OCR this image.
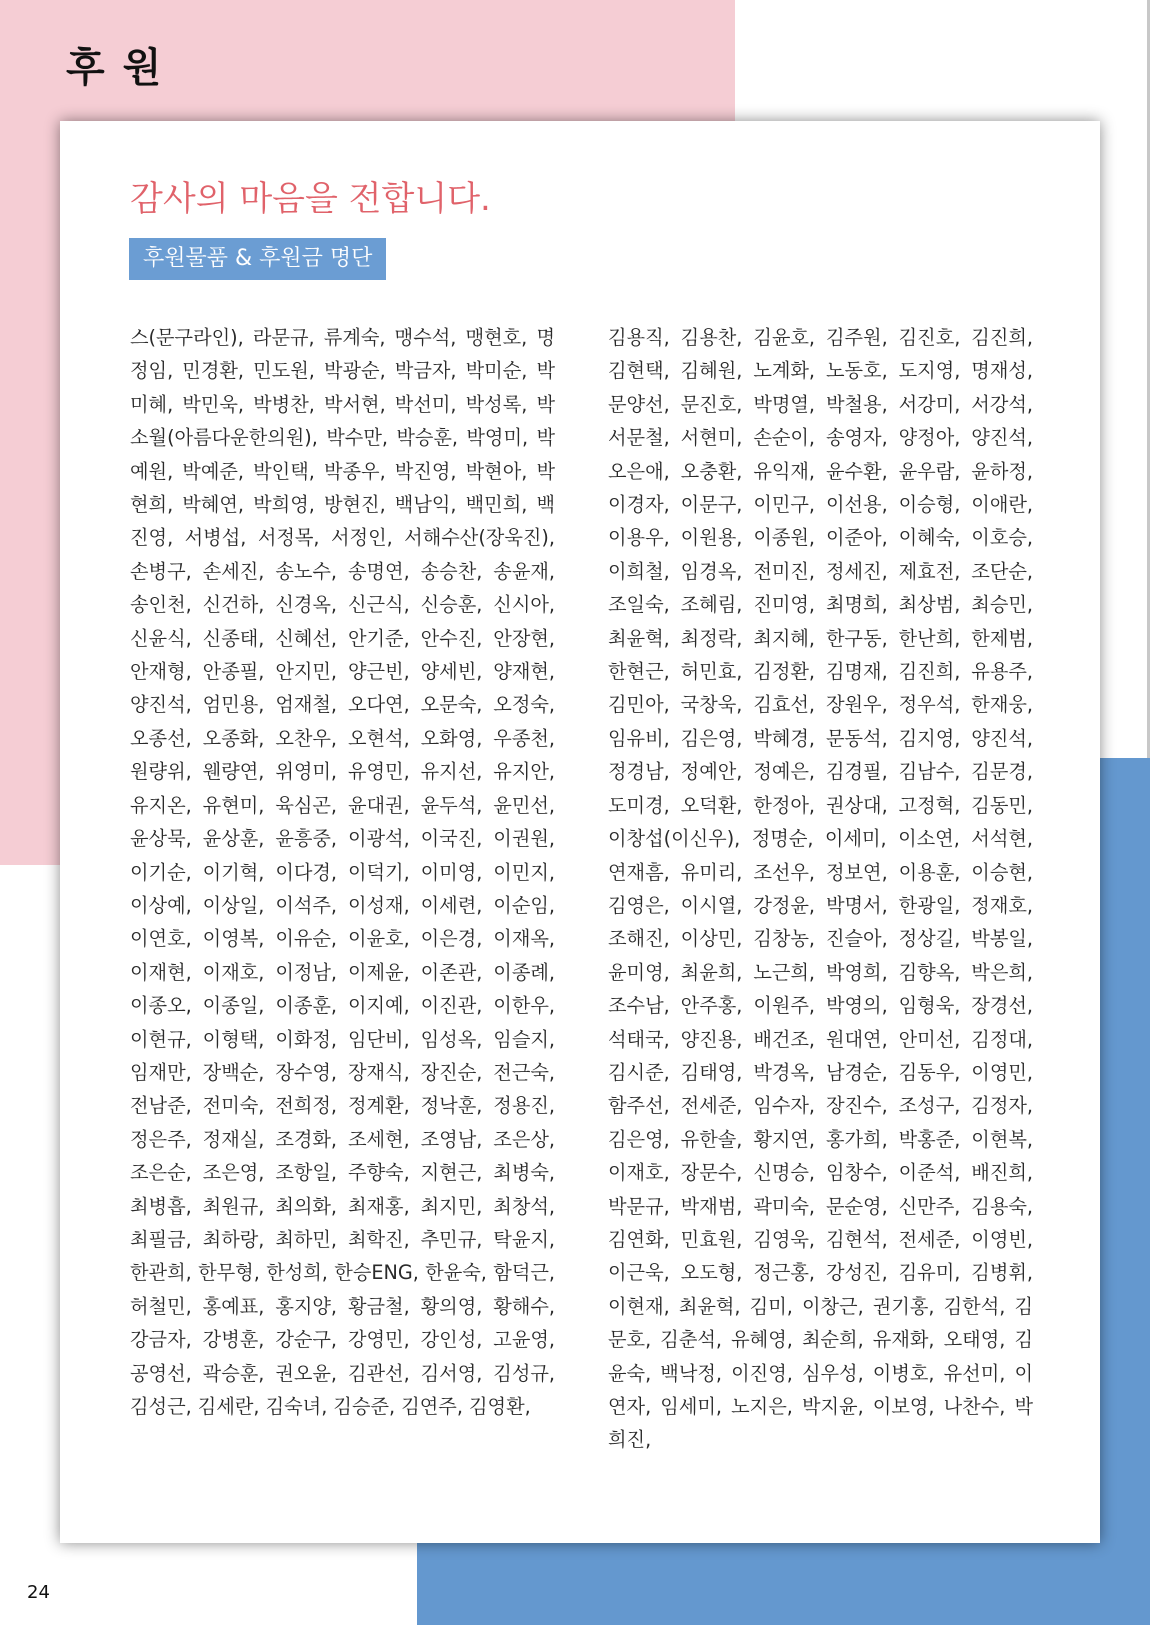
후 원
감사의 마음을 전합니다.
후원물품 & 후원금 명단
스(문구라인), 라문규, 류계숙, 맹수석, 맹현호, 명정임, 민경환, 민도원, 박광순, 박금자, 박미순, 박미혜, 박민욱, 박병찬, 박서현, 박선미, 박성록, 박소월(아름다운한의원), 박수만, 박승훈, 박영미, 박예원, 박예준, 박인택, 박종우, 박진영, 박현아, 박현희, 박혜연, 박희영, 방현진, 백남익, 백민희, 백진영, 서병섭, 서정목, 서정인, 서해수산(장욱진), 손병구, 손세진, 송노수, 송명연, 송승찬, 송윤재, 송인천, 신건하, 신경옥, 신근식, 신승훈, 신시아, 신윤식, 신종태, 신혜선, 안기준, 안수진, 안장현, 안재형, 안종필, 안지민, 양근빈, 양세빈, 양재현, 양진석, 엄민용, 엄재철, 오다연, 오문숙, 오정숙, 오종선, 오종화, 오찬우, 오현석, 오화영, 우종천, 원량위, 웬량연, 위영미, 유영민, 유지선, 유지안, 유지온, 유현미, 육심곤, 윤대권, 윤두석, 윤민선, 윤상묵, 윤상훈, 윤흥중, 이광석, 이국진, 이권원, 이기순, 이기혁, 이다경, 이덕기, 이미영, 이민지, 이상예, 이상일, 이석주, 이성재, 이세련, 이순임, 이연호, 이영복, 이유순, 이윤호, 이은경, 이재옥, 이재현, 이재호, 이정남, 이제윤, 이존관, 이종례, 이종오, 이종일, 이종훈, 이지예, 이진관, 이한우, 이현규, 이형택, 이화정, 임단비, 임성옥, 임슬지, 임재만, 장백순, 장수영, 장재식, 장진순, 전근숙, 전남준, 전미숙, 전희정, 정계환, 정낙훈, 정용진, 정은주, 정재실, 조경화, 조세현, 조영남, 조은상, 조은순, 조은영, 조항일, 주향숙, 지현근, 최병숙, 최병흡, 최원규, 최의화, 최재홍, 최지민, 최창석, 최필금, 최하랑, 최하민, 최학진, 추민규, 탁윤지, 한관희, 한무형, 한성희, 한승ENG, 한윤숙, 함덕근, 허철민, 홍예표, 홍지양, 황금철, 황의영, 황해수, 강금자, 강병훈, 강순구, 강영민, 강인성, 고윤영, 공영선, 곽승훈, 권오윤, 김관선, 김서영, 김성규, 김성근, 김세란, 김숙녀, 김승준, 김연주, 김영환,
김용직, 김용찬, 김윤호, 김주원, 김진호, 김진희, 김현택, 김혜원, 노계화, 노동호, 도지영, 명재성, 문양선, 문진호, 박명열, 박철용, 서강미, 서강석, 서문철, 서현미, 손순이, 송영자, 양정아, 양진석, 오은애, 오충환, 유익재, 윤수환, 윤우람, 윤하정, 이경자, 이문구, 이민구, 이선용, 이승형, 이애란, 이용우, 이원용, 이종원, 이준아, 이혜숙, 이호승, 이희철, 임경옥, 전미진, 정세진, 제효전, 조단순, 조일숙, 조혜림, 진미영, 최명희, 최상범, 최승민, 최윤혁, 최정락, 최지혜, 한구동, 한난희, 한제범, 한현근, 허민효, 김정환, 김명재, 김진희, 유용주, 김민아, 국창욱, 김효선, 장원우, 정우석, 한재웅, 임유비, 김은영, 박혜경, 문동석, 김지영, 양진석, 정경남, 정예안, 정예은, 김경필, 김남수, 김문경, 도미경, 오덕환, 한정아, 권상대, 고정혁, 김동민, 이창섭(이신우), 정명순, 이세미, 이소연, 서석현, 연재흠, 유미리, 조선우, 정보연, 이용훈, 이승현, 김영은, 이시열, 강정윤, 박명서, 한광일, 정재호, 조해진, 이상민, 김창농, 진슬아, 정상길, 박봉일, 윤미영, 최윤희, 노근희, 박영희, 김향옥, 박은희, 조수남, 안주홍, 이원주, 박영의, 임형욱, 장경선, 석태국, 양진용, 배건조, 원대연, 안미선, 김정대, 김시준, 김태영, 박경옥, 남경순, 김동우, 이영민, 함주선, 전세준, 임수자, 장진수, 조성구, 김정자, 김은영, 유한솔, 황지연, 홍가희, 박홍준, 이현복, 이재호, 장문수, 신명승, 임창수, 이준석, 배진희, 박문규, 박재범, 곽미숙, 문순영, 신만주, 김용숙, 김연화, 민효원, 김영욱, 김현석, 전세준, 이영빈, 이근욱, 오도형, 정근홍, 강성진, 김유미, 김병휘, 이현재, 최윤혁, 김미, 이창근, 권기홍, 김한석, 김문호, 김춘석, 유혜영, 최순희, 유재화, 오태영, 김윤숙, 백낙정, 이진영, 심우성, 이병호, 유선미, 이연자, 임세미, 노지은, 박지윤, 이보영, 나찬수, 박희진,
24
